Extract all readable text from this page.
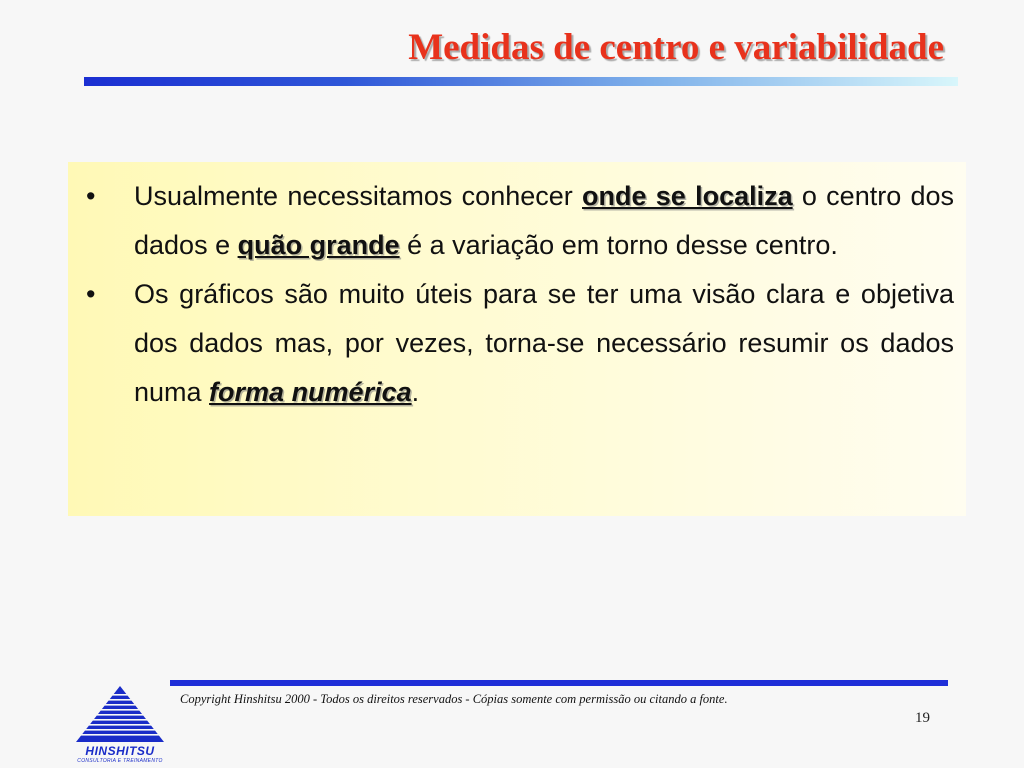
Medidas de centro e variabilidade
• Usualmente necessitamos conhecer onde se localiza o centro dos dados e quão grande é a variação em torno desse centro.
• Os gráficos são muito úteis para se ter uma visão clara e objetiva dos dados mas, por vezes, torna-se necessário resumir os dados numa forma numérica.
Copyright Hinshitsu 2000 - Todos os direitos reservados - Cópias somente com permissão ou citando a fonte.
19
HINSHITSU
CONSULTORIA E TREINAMENTO
